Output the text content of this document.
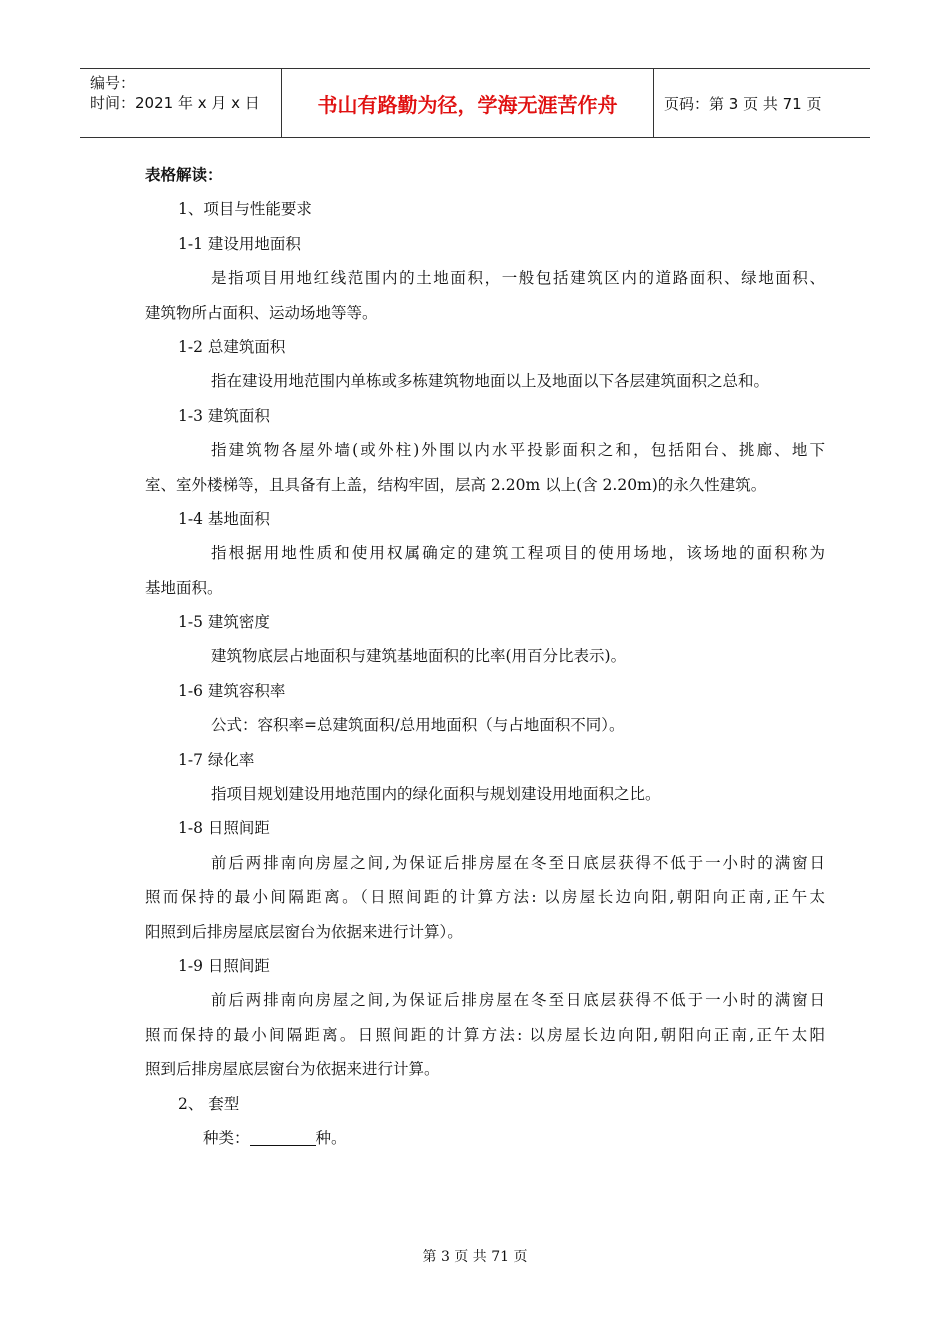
编号：
时间：2021 年 x 月 x 日	书山有路勤为径，学海无涯苦作舟	页码：第 3 页 共 71 页
表格解读：
1、项目与性能要求
1-1 建设用地面积
是指项目用地红线范围内的土地面积，一般包括建筑区内的道路面积、绿地面积、
建筑物所占面积、运动场地等等。
1-2 总建筑面积
指在建设用地范围内单栋或多栋建筑物地面以上及地面以下各层建筑面积之总和。
1-3 建筑面积
指建筑物各屋外墙(或外柱)外围以内水平投影面积之和，包括阳台、挑廊、地下
室、室外楼梯等，且具备有上盖，结构牢固，层高 2.20m 以上(含 2.20m)的永久性建筑。
1-4 基地面积
指根据用地性质和使用权属确定的建筑工程项目的使用场地，该场地的面积称为
基地面积。
1-5 建筑密度
建筑物底层占地面积与建筑基地面积的比率(用百分比表示)。
1-6 建筑容积率
公式：容积率=总建筑面积/总用地面积（与占地面积不同）。
1-7 绿化率
指项目规划建设用地范围内的绿化面积与规划建设用地面积之比。
1-8 日照间距
前后两排南向房屋之间,为保证后排房屋在冬至日底层获得不低于一小时的满窗日
照而保持的最小间隔距离。（日照间距的计算方法: 以房屋长边向阳,朝阳向正南,正午太
阳照到后排房屋底层窗台为依据来进行计算）。
1-9 日照间距
前后两排南向房屋之间,为保证后排房屋在冬至日底层获得不低于一小时的满窗日
照而保持的最小间隔距离。日照间距的计算方法: 以房屋长边向阳,朝阳向正南,正午太阳
照到后排房屋底层窗台为依据来进行计算。
2、 套型
种类：	种。
第 3 页 共 71 页
